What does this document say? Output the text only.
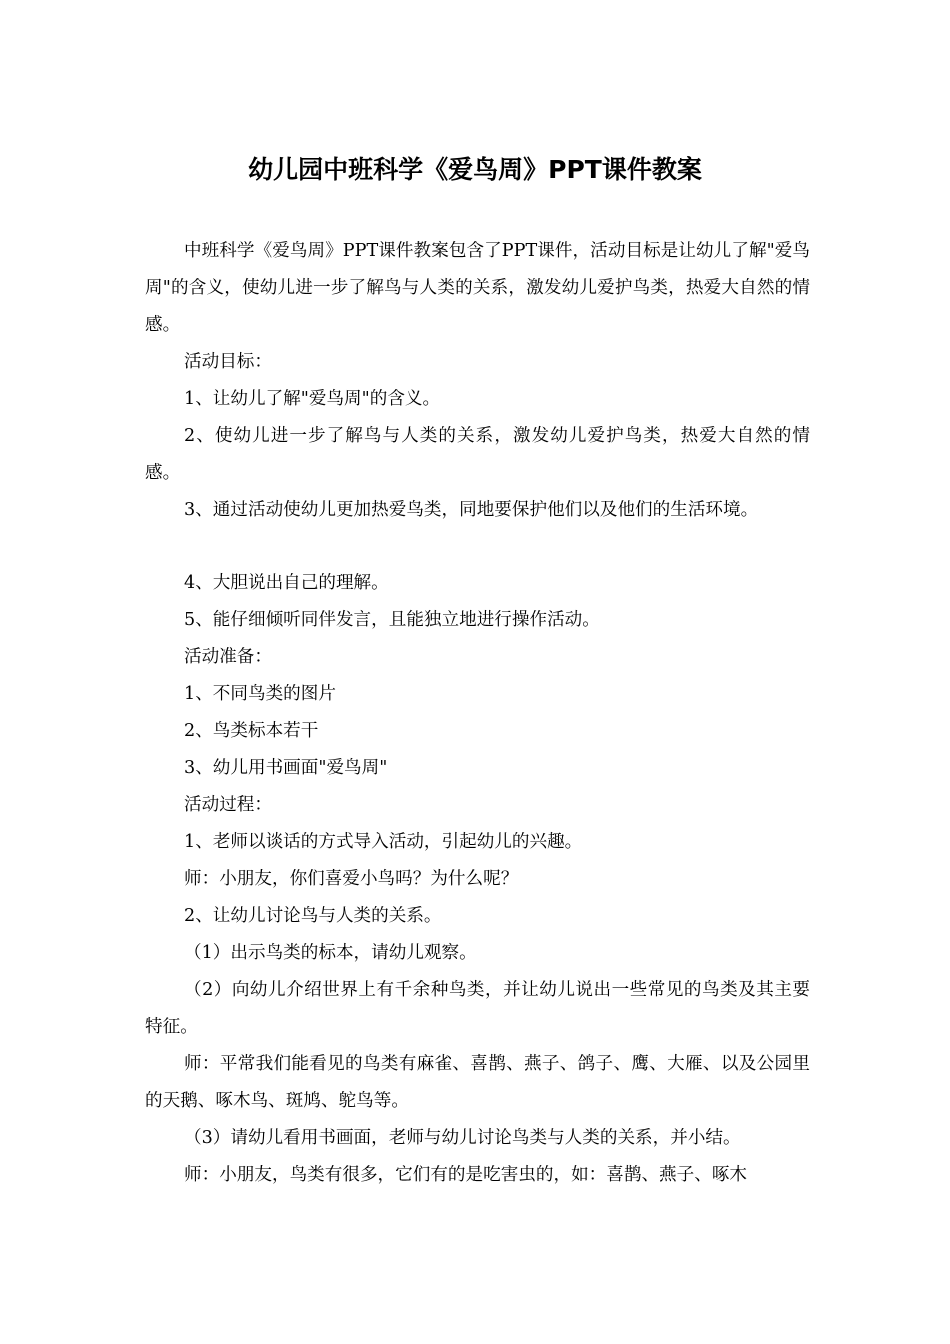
幼儿园中班科学《爱鸟周》PPT课件教案

中班科学《爱鸟周》PPT课件教案包含了PPT课件，活动目标是让幼儿了解"爱鸟周"的含义，使幼儿进一步了解鸟与人类的关系，激发幼儿爱护鸟类，热爱大自然的情感。

活动目标：

1、让幼儿了解"爱鸟周"的含义。

2、使幼儿进一步了解鸟与人类的关系，激发幼儿爱护鸟类，热爱大自然的情感。

3、通过活动使幼儿更加热爱鸟类，同地要保护他们以及他们的生活环境。

4、大胆说出自己的理解。

5、能仔细倾听同伴发言，且能独立地进行操作活动。

活动准备：

1、不同鸟类的图片

2、鸟类标本若干

3、幼儿用书画面"爱鸟周"

活动过程：

1、老师以谈话的方式导入活动，引起幼儿的兴趣。

师：小朋友，你们喜爱小鸟吗？为什么呢？

2、让幼儿讨论鸟与人类的关系。

（1）出示鸟类的标本，请幼儿观察。

（2）向幼儿介绍世界上有千余种鸟类，并让幼儿说出一些常见的鸟类及其主要特征。

师：平常我们能看见的鸟类有麻雀、喜鹊、燕子、鸽子、鹰、大雁、以及公园里的天鹅、啄木鸟、斑鸠、鸵鸟等。

（3）请幼儿看用书画面，老师与幼儿讨论鸟类与人类的关系，并小结。

师：小朋友，鸟类有很多，它们有的是吃害虫的，如：喜鹊、燕子、啄木
